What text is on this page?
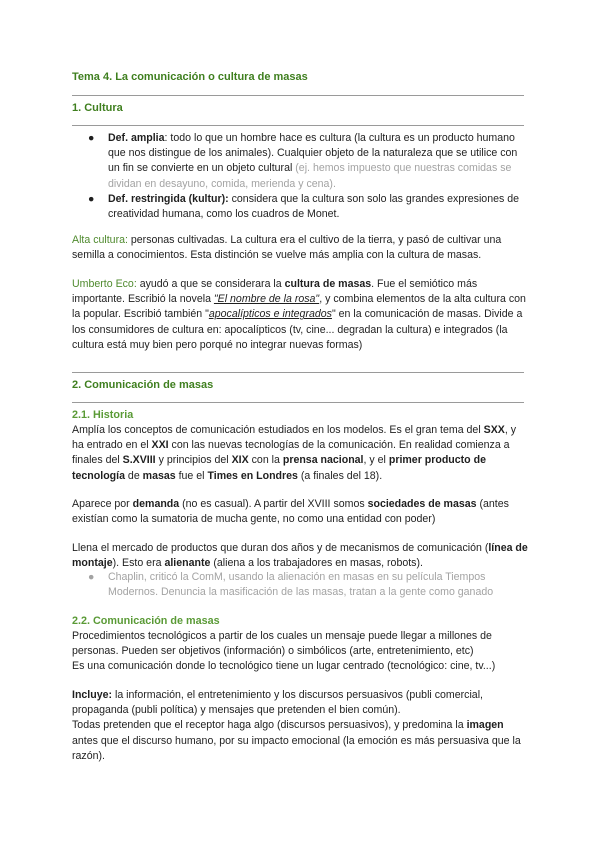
Tema 4. La comunicación o cultura de masas
1. Cultura
● Def. amplia: todo lo que un hombre hace es cultura (la cultura es un producto humano que nos distingue de los animales). Cualquier objeto de la naturaleza que se utilice con un fin se convierte en un objeto cultural (ej. hemos impuesto que nuestras comidas se dividan en desayuno, comida, merienda y cena).
● Def. restringida (kultur): considera que la cultura son solo las grandes expresiones de creatividad humana, como los cuadros de Monet.
Alta cultura: personas cultivadas. La cultura era el cultivo de la tierra, y pasó de cultivar una semilla a conocimientos. Esta distinción se vuelve más amplia con la cultura de masas.
Umberto Eco: ayudó a que se considerara la cultura de masas. Fue el semiótico más importante. Escribió la novela "El nombre de la rosa", y combina elementos de la alta cultura con la popular. Escribió también "apocalípticos e integrados" en la comunicación de masas. Divide a los consumidores de cultura en: apocalípticos (tv, cine... degradan la cultura) e integrados (la cultura está muy bien pero porqué no integrar nuevas formas)
2. Comunicación de masas
2.1. Historia
Amplía los conceptos de comunicación estudiados en los modelos. Es el gran tema del SXX, y ha entrado en el XXI con las nuevas tecnologías de la comunicación. En realidad comienza a finales del S.XVIII y principios del XIX con la prensa nacional, y el primer producto de tecnología de masas fue el Times en Londres (a finales del 18).
Aparece por demanda (no es casual). A partir del XVIII somos sociedades de masas (antes existían como la sumatoria de mucha gente, no como una entidad con poder)
Llena el mercado de productos que duran dos años y de mecanismos de comunicación (línea de montaje). Esto era alienante (aliena a los trabajadores en masas, robots).
● Chaplin, criticó la ComM, usando la alienación en masas en su película Tiempos Modernos. Denuncia la masificación de las masas, tratan a la gente como ganado
2.2. Comunicación de masas
Procedimientos tecnológicos a partir de los cuales un mensaje puede llegar a millones de personas. Pueden ser objetivos (información) o simbólicos (arte, entretenimiento, etc)
Es una comunicación donde lo tecnológico tiene un lugar centrado (tecnológico: cine, tv...)
Incluye: la información, el entretenimiento y los discursos persuasivos (publi comercial, propaganda (publi política) y mensajes que pretenden el bien común).
Todas pretenden que el receptor haga algo (discursos persuasivos), y predomina la imagen antes que el discurso humano, por su impacto emocional (la emoción es más persuasiva que la razón).
